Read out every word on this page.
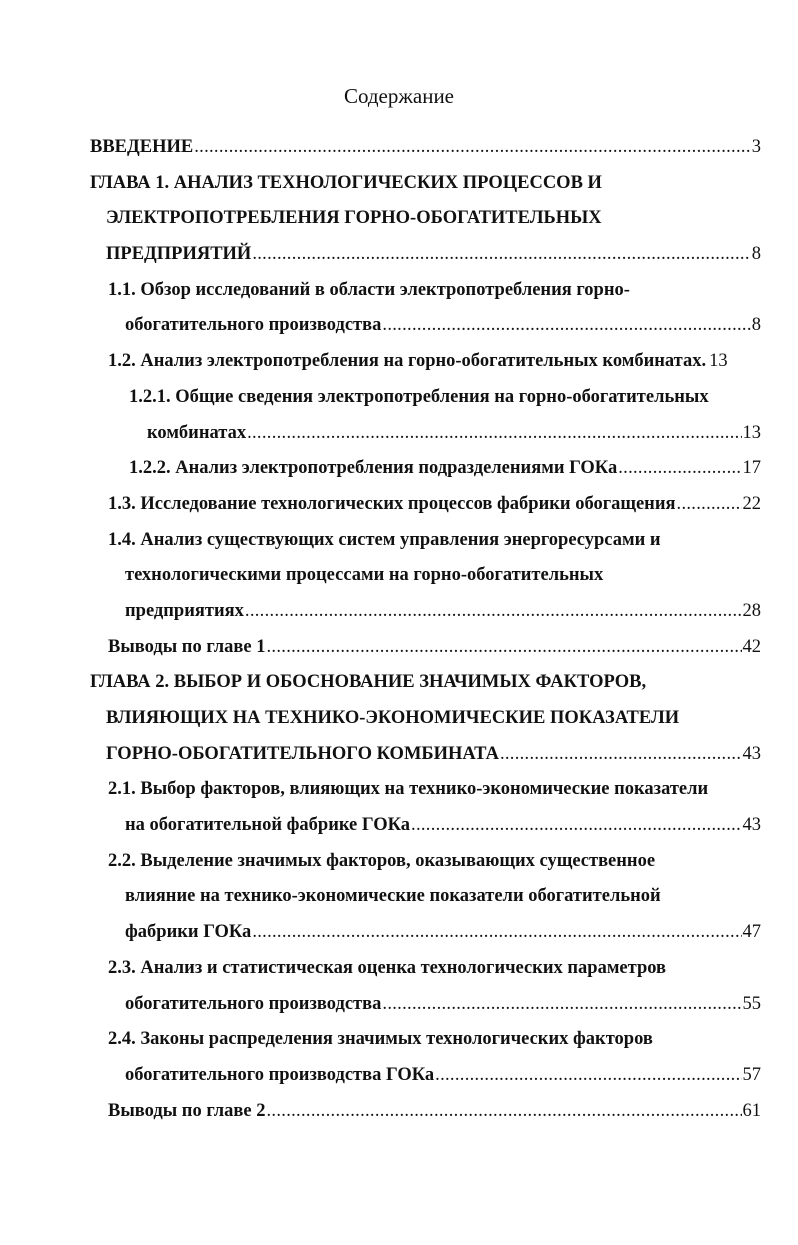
Содержание
ВВЕДЕНИЕ .....	3
ГЛАВА 1. АНАЛИЗ ТЕХНОЛОГИЧЕСКИХ ПРОЦЕССОВ И
ЭЛЕКТРОПОТРЕБЛЕНИЯ ГОРНО-ОБОГАТИТЕЛЬНЫХ
ПРЕДПРИЯТИЙ .....	8
1.1. Обзор исследований в области электропотребления горно-
обогатительного производства .....	8
1.2. Анализ электропотребления на горно-обогатительных комбинатах. 13
1.2.1. Общие сведения электропотребления на горно-обогатительных
комбинатах .....	13
1.2.2. Анализ электропотребления подразделениями ГОКа .....	17
1.3. Исследование технологических процессов фабрики обогащения .....	22
1.4. Анализ существующих систем управления энергоресурсами и
технологическими процессами на горно-обогатительных
предприятиях .....	28
Выводы по главе 1 .....	42
ГЛАВА 2. ВЫБОР И ОБОСНОВАНИЕ ЗНАЧИМЫХ ФАКТОРОВ,
ВЛИЯЮЩИХ НА ТЕХНИКО-ЭКОНОМИЧЕСКИЕ ПОКАЗАТЕЛИ
ГОРНО-ОБОГАТИТЕЛЬНОГО КОМБИНАТА .....	43
2.1. Выбор факторов, влияющих на технико-экономические показатели
на обогатительной фабрике ГОКа .....	43
2.2. Выделение значимых факторов, оказывающих существенное
влияние на технико-экономические показатели обогатительной
фабрики ГОКа .....	47
2.3. Анализ и статистическая оценка технологических параметров
обогатительного производства .....	55
2.4. Законы распределения значимых технологических факторов
обогатительного производства ГОКа .....	57
Выводы по главе 2 .....	61
